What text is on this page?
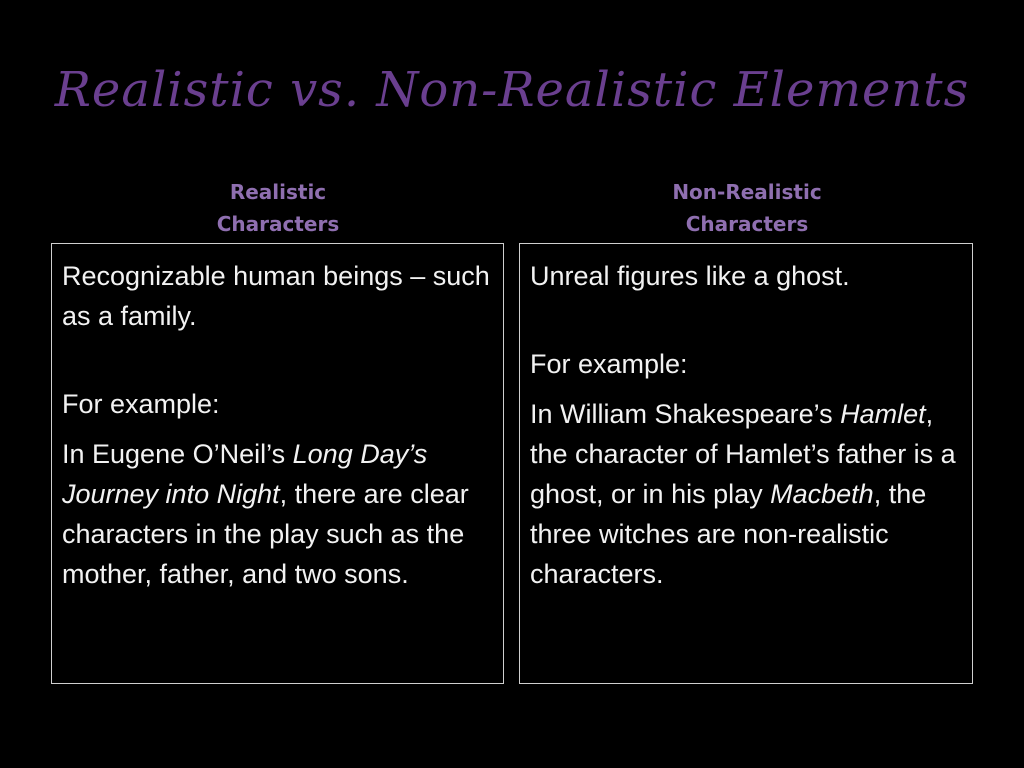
Realistic vs. Non-Realistic Elements
Realistic
Characters
Non-Realistic
Characters

Recognizable human beings – such as a family.

For example:

In Eugene O’Neil’s Long Day’s Journey into Night, there are clear characters in the play such as the mother, father, and two sons.

Unreal figures like a ghost.

For example:

In William Shakespeare’s Hamlet, the character of Hamlet’s father is a ghost, or in his play Macbeth, the three witches are non-realistic characters.
